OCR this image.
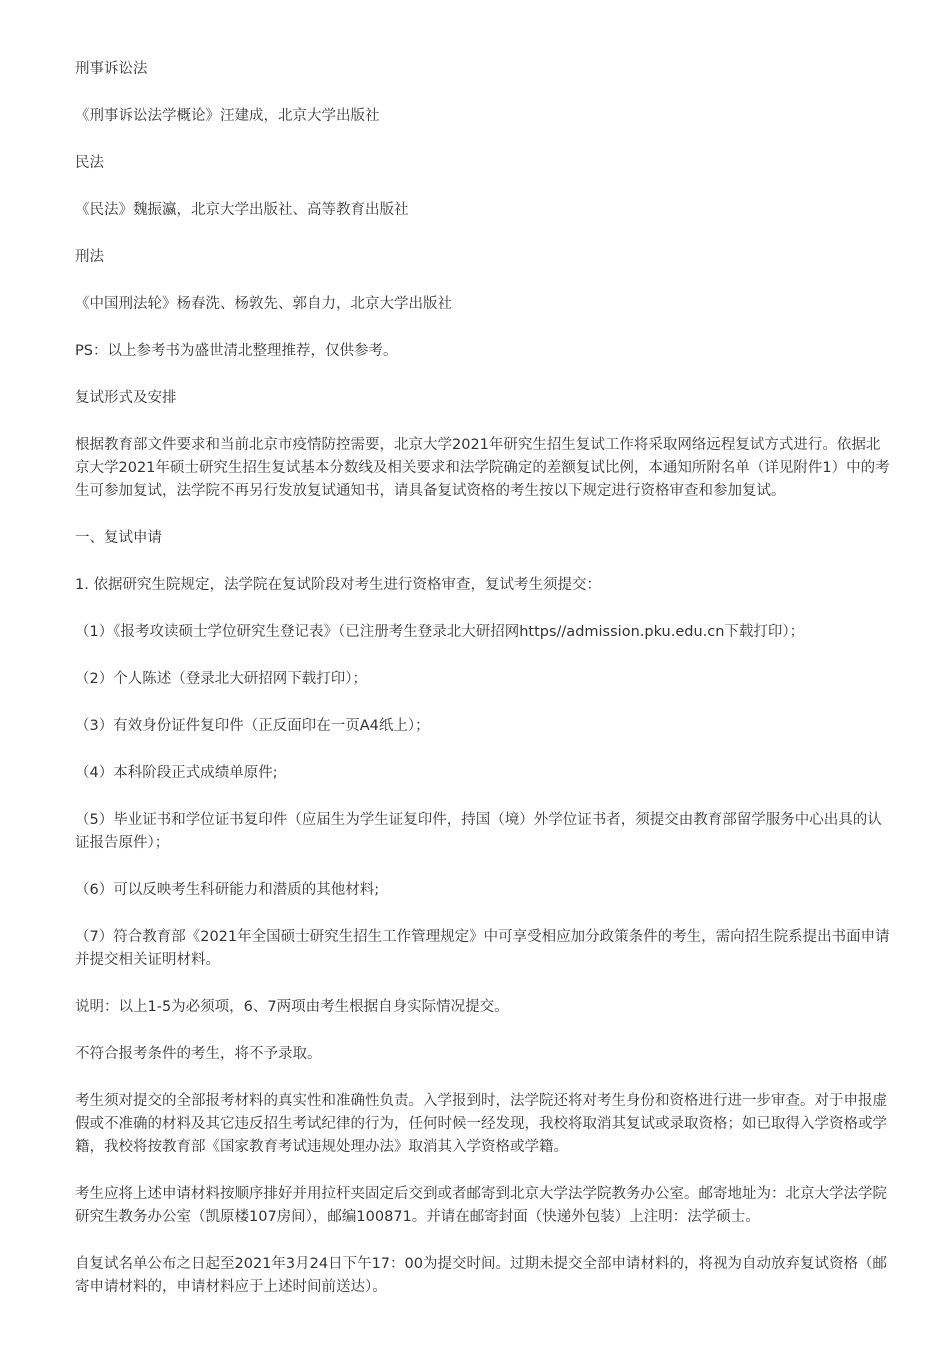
刑事诉讼法

《刑事诉讼法学概论》汪建成，北京大学出版社

民法

《民法》魏振瀛，北京大学出版社、高等教育出版社

刑法

《中国刑法轮》杨春洗、杨敦先、郭自力，北京大学出版社

PS：以上参考书为盛世清北整理推荐，仅供参考。

复试形式及安排

根据教育部文件要求和当前北京市疫情防控需要，北京大学2021年研究生招生复试工作将采取网络远程复试方式进行。依据北京大学2021年硕士研究生招生复试基本分数线及相关要求和法学院确定的差额复试比例，本通知所附名单（详见附件1）中的考生可参加复试，法学院不再另行发放复试通知书，请具备复试资格的考生按以下规定进行资格审查和参加复试。

一、复试申请

1. 依据研究生院规定，法学院在复试阶段对考生进行资格审查，复试考生须提交：

（1）《报考攻读硕士学位研究生登记表》（已注册考生登录北大研招网https//admission.pku.edu.cn下载打印）；

（2）个人陈述（登录北大研招网下载打印）；

（3）有效身份证件复印件（正反面印在一页A4纸上）；

（4）本科阶段正式成绩单原件;

（5）毕业证书和学位证书复印件（应届生为学生证复印件，持国（境）外学位证书者，须提交由教育部留学服务中心出具的认证报告原件）；

（6）可以反映考生科研能力和潜质的其他材料;

（7）符合教育部《2021年全国硕士研究生招生工作管理规定》中可享受相应加分政策条件的考生，需向招生院系提出书面申请并提交相关证明材料。

说明：以上1-5为必须项，6、7两项由考生根据自身实际情况提交。

不符合报考条件的考生，将不予录取。

考生须对提交的全部报考材料的真实性和准确性负责。入学报到时，法学院还将对考生身份和资格进行进一步审查。对于申报虚假或不准确的材料及其它违反招生考试纪律的行为，任何时候一经发现，我校将取消其复试或录取资格；如已取得入学资格或学籍，我校将按教育部《国家教育考试违规处理办法》取消其入学资格或学籍。

考生应将上述申请材料按顺序排好并用拉杆夹固定后交到或者邮寄到北京大学法学院教务办公室。邮寄地址为：北京大学法学院研究生教务办公室（凯原楼107房间），邮编100871。并请在邮寄封面（快递外包装）上注明：法学硕士。

自复试名单公布之日起至2021年3月24日下午17：00为提交时间。过期未提交全部申请材料的，将视为自动放弃复试资格（邮寄申请材料的，申请材料应于上述时间前送达）。
